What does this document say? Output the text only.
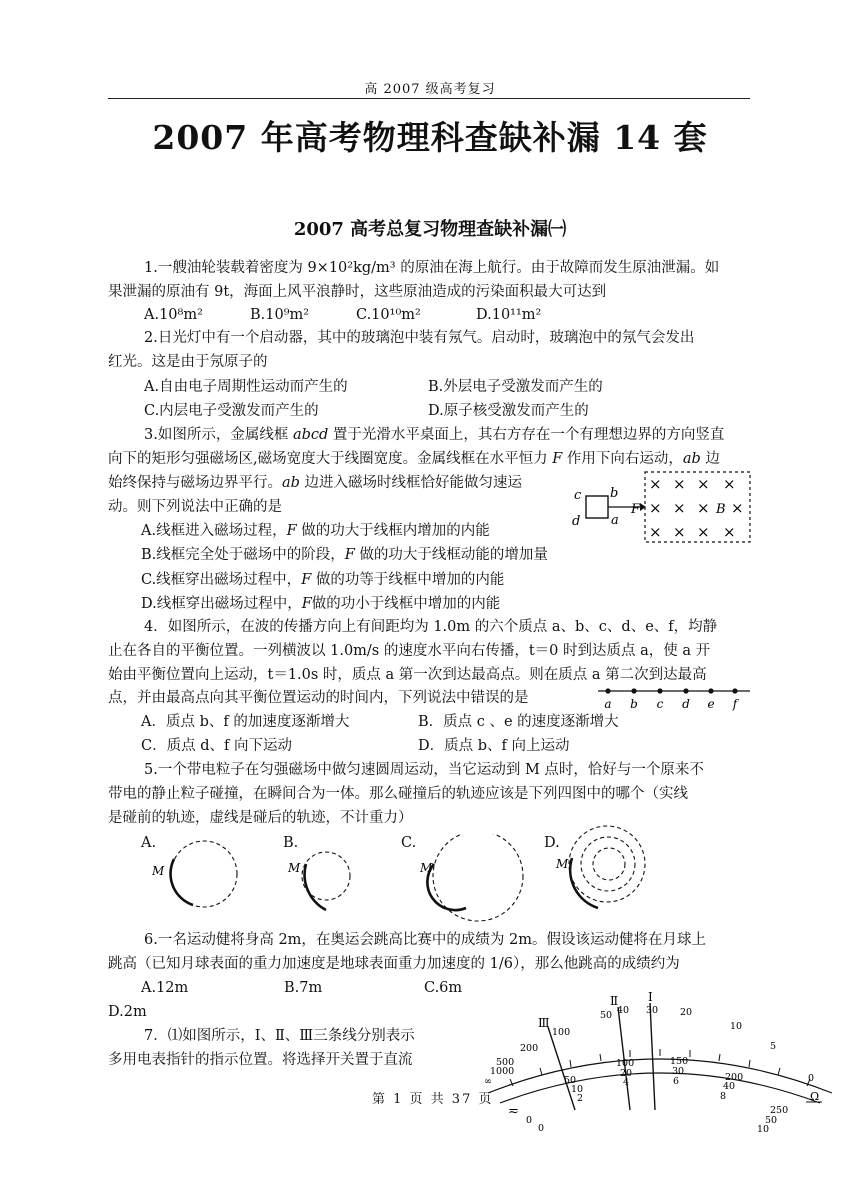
高 2007 级高考复习
2007 年高考物理科查缺补漏 14 套
2007 高考总复习物理查缺补漏㈠
1.一艘油轮装载着密度为 9×10²kg/m³ 的原油在海上航行。由于故障而发生原油泄漏。如
果泄漏的原油有 9t，海面上风平浪静时，这些原油造成的污染面积最大可达到
A.10⁸m²	B.10⁹m²	C.10¹⁰m²	D.10¹¹m²
2.日光灯中有一个启动器，其中的玻璃泡中装有氖气。启动时，玻璃泡中的氖气会发出
红光。这是由于氖原子的
A.自由电子周期性运动而产生的	B.外层电子受激发而产生的
C.内层电子受激发而产生的	D.原子核受激发而产生的
3.如图所示，金属线框 abcd 置于光滑水平桌面上，其右方存在一个有理想边界的方向竖直
向下的矩形匀强磁场区,磁场宽度大于线圈宽度。金属线框在水平恒力 F 作用下向右运动，ab 边
始终保持与磁场边界平行。ab 边进入磁场时线框恰好能做匀速运
动。则下列说法中正确的是
A.线框进入磁场过程，F 做的功大于线框内增加的内能
B.线框完全处于磁场中的阶段，F 做的功大于线框动能的增加量
C.线框穿出磁场过程中，F 做的功等于线框中增加的内能
D.线框穿出磁场过程中，F做的功小于线框中增加的内能
c b
d a
F
× × × ×
× × × ×
× × × ×
B
4．如图所示，在波的传播方向上有间距均为 1.0m 的六个质点 a、b、c、d、e、f，均静
止在各自的平衡位置。一列横波以 1.0m/s 的速度水平向右传播，t＝0 时到达质点 a，使 a 开
始由平衡位置向上运动，t＝1.0s 时，质点 a 第一次到达最高点。则在质点 a 第二次到达最高
点，并由最高点向其平衡位置运动的时间内，下列说法中错误的是
A．质点 b、f 的加速度逐渐增大	B．质点 c 、e 的速度逐渐增大
C．质点 d、f 向下运动	D．质点 b、f 向上运动
a b c d e f
5.一个带电粒子在匀强磁场中做匀速圆周运动，当它运动到 M 点时，恰好与一个原来不
带电的静止粒子碰撞，在瞬间合为一体。那么碰撞后的轨迹应该是下列四图中的哪个（实线
是碰前的轨迹，虚线是碰后的轨迹，不计重力）
A.
M
B.
M
C.
M
D.
M
6.一名运动健将身高 2m，在奥运会跳高比赛中的成绩为 2m。假设该运动健将在月球上
跳高（已知月球表面的重力加速度是地球表面重力加速度的 1/6），那么他跳高的成绩约为
A.12m	B.7m	C.6m
D.2m
7．⑴如图所示，Ⅰ、Ⅱ、Ⅲ三条线分别表示
多用电表指针的指示位置。将选择开关置于直流
Ⅰ
Ⅱ
Ⅲ
∞
1000
500
200
100
50 40 30 20
10
5
0
50
100	150
200
250
10
20	30
40
50
2
4	6
8
10
Ω
≂
0
0
第 1 页 共 37 页
